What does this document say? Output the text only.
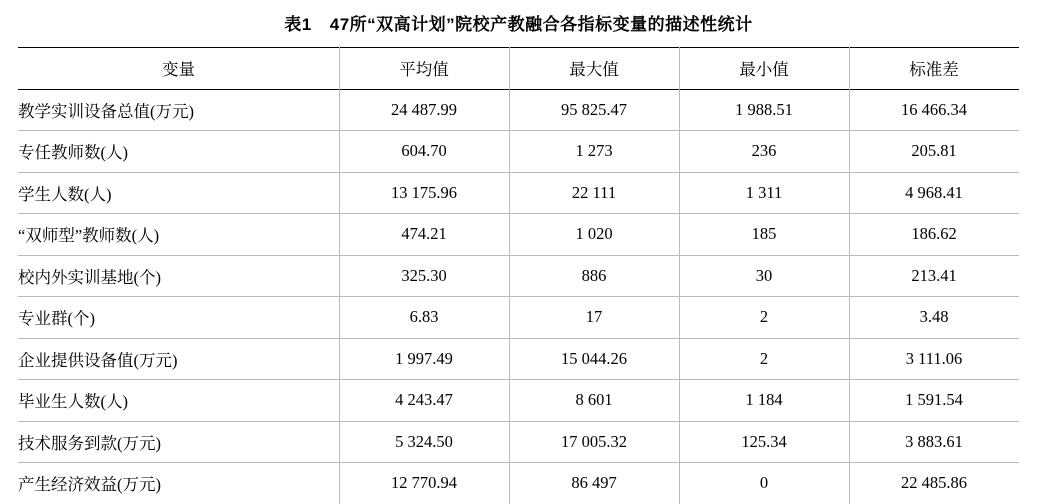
表1 47所“双高计划”院校产教融合各指标变量的描述性统计
变量	平均值	最大值	最小值	标准差
教学实训设备总值(万元)	24 487.99	95 825.47	1 988.51	16 466.34
专任教师数(人)	604.70	1 273	236	205.81
学生人数(人)	13 175.96	22 111	1 311	4 968.41
“双师型”教师数(人)	474.21	1 020	185	186.62
校内外实训基地(个)	325.30	886	30	213.41
专业群(个)	6.83	17	2	3.48
企业提供设备值(万元)	1 997.49	15 044.26	2	3 111.06
毕业生人数(人)	4 243.47	8 601	1 184	1 591.54
技术服务到款(万元)	5 324.50	17 005.32	125.34	3 883.61
产生经济效益(万元)	12 770.94	86 497	0	22 485.86
